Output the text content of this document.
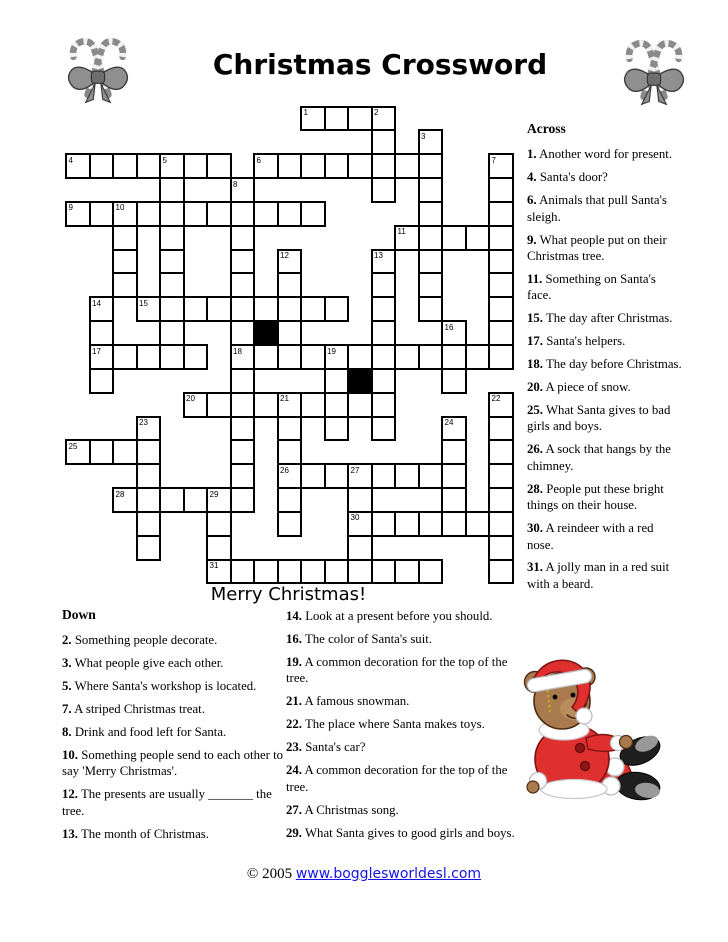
Christmas Crossword
1	2
3
4	5	6	7
8
9	10
11
12	13
14	15
16
17	18	19
20	21	22
23	24
25
26	27
28	29
30
31
Merry Christmas!

Across

1. Another word for present.

4. Santa's door?

6. Animals that pull Santa's sleigh.

9. What people put on their Christmas tree.

11. Something on Santa's face.

15. The day after Christmas.

17. Santa's helpers.

18. The day before Christmas.

20. A piece of snow.

25. What Santa gives to bad girls and boys.

26. A sock that hangs by the chimney.

28. People put these bright things on their house.

30. A reindeer with a red nose.

31. A jolly man in a red suit with a beard.

Down

2. Something people decorate.

3. What people give each other.

5. Where Santa's workshop is located.

7. A striped Christmas treat.

8. Drink and food left for Santa.

10. Something people send to each other to say 'Merry Christmas'.

12. The presents are usually _______ the tree.

13. The month of Christmas.

14. Look at a present before you should.

16. The color of Santa's suit.

19. A common decoration for the top of the tree.

21. A famous snowman.

22. The place where Santa makes toys.

23. Santa's car?

24. A common decoration for the top of the tree.

27. A Christmas song.

29. What Santa gives to good girls and boys.

© 2005 www.bogglesworldesl.com
